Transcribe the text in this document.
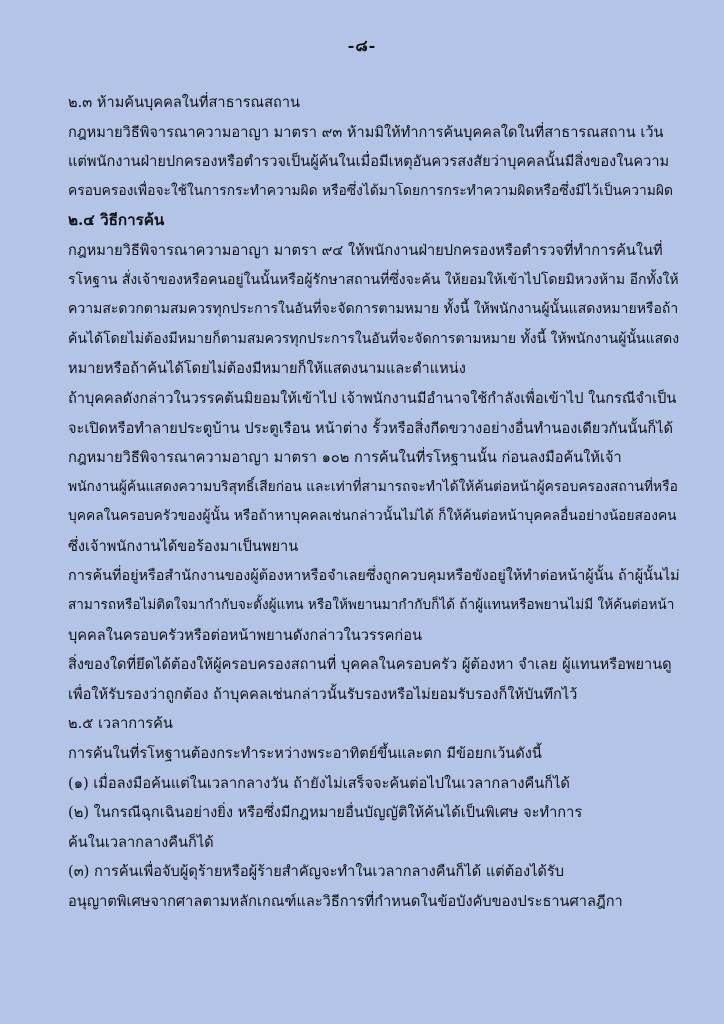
-๘-
๒.๓ ห้ามค้นบุคคลในที่สาธารณสถาน
กฎหมายวิธีพิจารณาความอาญา มาตรา ๙๓ ห้ามมิให้ทำการค้นบุคคลใดในที่สาธารณสถาน เว้น
แต่พนักงานฝ่ายปกครองหรือตำรวจเป็นผู้ค้นในเมื่อมีเหตุอันควรสงสัยว่าบุคคลนั้นมีสิ่งของในความ
ครอบครองเพื่อจะใช้ในการกระทำความผิด หรือซึ่งได้มาโดยการกระทำความผิดหรือซึ่งมีไว้เป็นความผิด
๒.๔ วิธีการค้น
กฎหมายวิธีพิจารณาความอาญา มาตรา ๙๔ ให้พนักงานฝ่ายปกครองหรือตำรวจที่ทำการค้นในที่
รโหฐาน สั่งเจ้าของหรือคนอยู่ในนั้นหรือผู้รักษาสถานที่ซึ่งจะค้น ให้ยอมให้เข้าไปโดยมิหวงห้าม อีกทั้งให้
ความสะดวกตามสมควรทุกประการในอันที่จะจัดการตามหมาย ทั้งนี้ ให้พนักงานผู้นั้นแสดงหมายหรือถ้า
ค้นได้โดยไม่ต้องมีหมายก็ตามสมควรทุกประการในอันที่จะจัดการตามหมาย ทั้งนี้ ให้พนักงานผู้นั้นแสดง
หมายหรือถ้าค้นได้โดยไม่ต้องมีหมายก็ให้แสดงนามและตำแหน่ง
ถ้าบุคคลดังกล่าวในวรรคต้นมิยอมให้เข้าไป เจ้าพนักงานมีอำนาจใช้กำลังเพื่อเข้าไป ในกรณีจำเป็น
จะเปิดหรือทำลายประตูบ้าน ประตูเรือน หน้าต่าง รั้วหรือสิ่งกีดขวางอย่างอื่นทำนองเดียวกันนั้นก็ได้
กฎหมายวิธีพิจารณาความอาญา มาตรา ๑๐๒ การค้นในที่รโหฐานนั้น ก่อนลงมือค้นให้เจ้า
พนักงานผู้ค้นแสดงความบริสุทธิ์เสียก่อน และเท่าที่สามารถจะทำได้ให้ค้นต่อหน้าผู้ครอบครองสถานที่หรือ
บุคคลในครอบครัวของผู้นั้น หรือถ้าหาบุคคลเช่นกล่าวนั้นไม่ได้ ก็ให้ค้นต่อหน้าบุคคลอื่นอย่างน้อยสองคน
ซึ่งเจ้าพนักงานได้ขอร้องมาเป็นพยาน
การค้นที่อยู่หรือสำนักงานของผู้ต้องหาหรือจำเลยซึ่งถูกควบคุมหรือขังอยู่ให้ทำต่อหน้าผู้นั้น ถ้าผู้นั้นไม่
สามารถหรือไม่ติดใจมากำกับจะตั้งผู้แทน หรือให้พยานมากำกับก็ได้ ถ้าผู้แทนหรือพยานไม่มี ให้ค้นต่อหน้า
บุคคลในครอบครัวหรือต่อหน้าพยานดังกล่าวในวรรคก่อน
สิ่งของใดที่ยึดได้ต้องให้ผู้ครอบครองสถานที่ บุคคลในครอบครัว ผู้ต้องหา จำเลย ผู้แทนหรือพยานดู
เพื่อให้รับรองว่าถูกต้อง ถ้าบุคคลเช่นกล่าวนั้นรับรองหรือไม่ยอมรับรองก็ให้บันทึกไว้
๒.๕ เวลาการค้น
การค้นในที่รโหฐานต้องกระทำระหว่างพระอาทิตย์ขึ้นและตก มีข้อยกเว้นดังนี้
(๑) เมื่อลงมือค้นแต่ในเวลากลางวัน ถ้ายังไม่เสร็จจะค้นต่อไปในเวลากลางคืนก็ได้
(๒) ในกรณีฉุกเฉินอย่างยิ่ง หรือซึ่งมีกฎหมายอื่นบัญญัติให้ค้นได้เป็นพิเศษ จะทำการ
ค้นในเวลากลางคืนก็ได้
(๓) การค้นเพื่อจับผู้ดุร้ายหรือผู้ร้ายสำคัญจะทำในเวลากลางคืนก็ได้ แต่ต้องได้รับ
อนุญาตพิเศษจากศาลตามหลักเกณฑ์และวิธีการที่กำหนดในข้อบังคับของประธานศาลฎีกา
